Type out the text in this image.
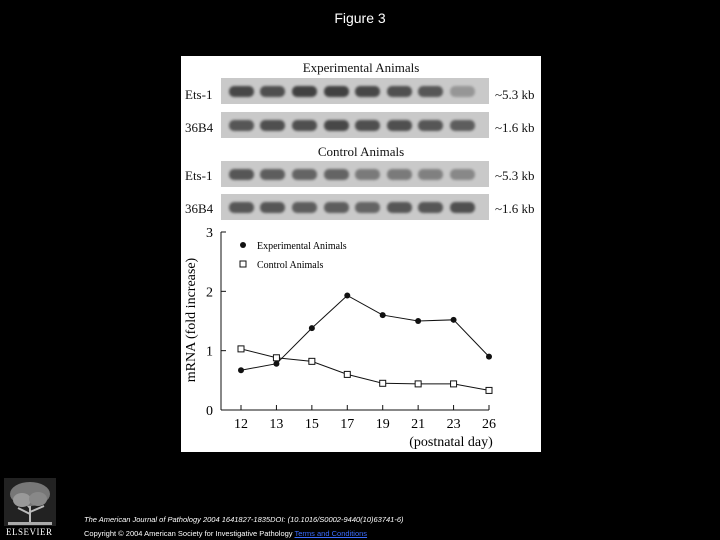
Figure 3
Experimental Animals
Ets-1	~5.3 kb
36B4	~1.6 kb
Control Animals
Ets-1	~5.3 kb
36B4	~1.6 kb
mRNA (fold increase)
(postnatal day)
0
1
2
3
12 13 15 17 19 21 23 26
Experimental Animals
Control Animals
ELSEVIER
The American Journal of Pathology 2004 1641827-1835DOI: (10.1016/S0002-9440(10)63741-6)
Copyright © 2004 American Society for Investigative Pathology Terms and Conditions
